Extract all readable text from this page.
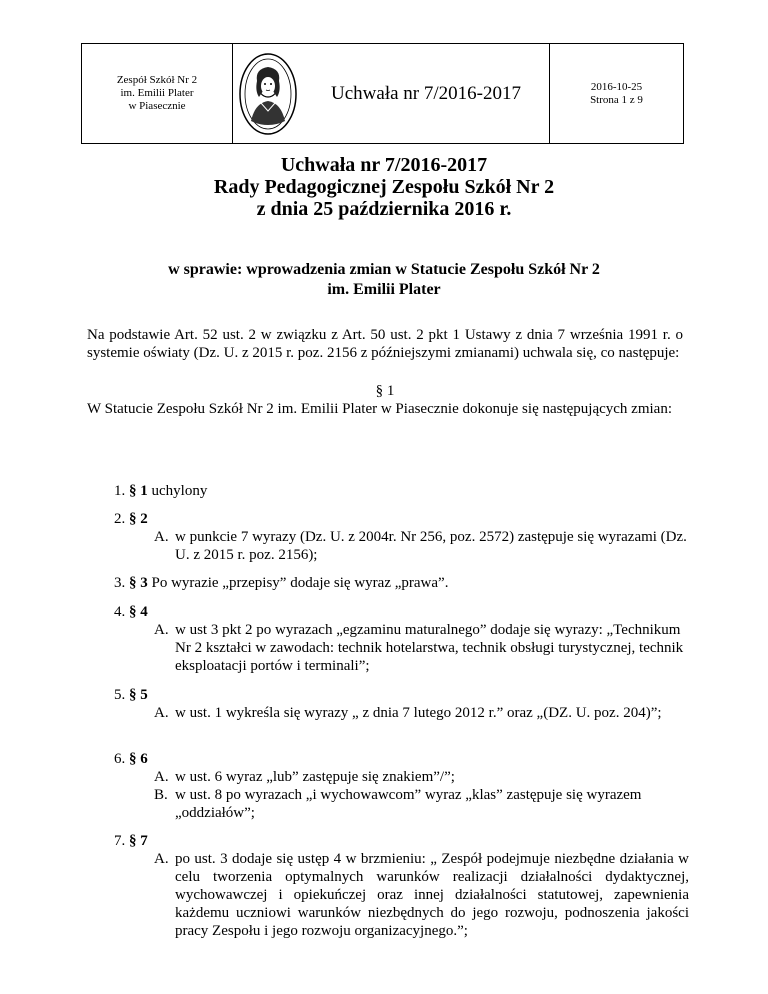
Zespół Szkół Nr 2
im. Emilii Plater
w Piasecznie
Uchwała nr 7/2016-2017	2016-10-25
Strona 1 z 9
Uchwała nr 7/2016-2017
Rady Pedagogicznej Zespołu Szkół Nr 2
z dnia 25 października 2016 r.
w sprawie: wprowadzenia zmian w Statucie Zespołu Szkół Nr 2
im. Emilii Plater
Na podstawie Art. 52 ust. 2 w związku z Art. 50 ust. 2 pkt 1 Ustawy z dnia 7 września 1991 r. o systemie oświaty (Dz. U. z 2015 r. poz. 2156 z późniejszymi zmianami) uchwala się, co następuje:
§ 1
W Statucie Zespołu Szkół Nr 2 im. Emilii Plater w Piasecznie dokonuje się następujących zmian:
1. § 1 uchylony
2. § 2
A. w punkcie 7 wyrazy (Dz. U. z 2004r. Nr 256, poz. 2572) zastępuje się wyrazami (Dz. U. z 2015 r. poz. 2156);
3. § 3 Po wyrazie „przepisy” dodaje się wyraz „prawa”.
4. § 4
A. w ust 3 pkt 2 po wyrazach „egzaminu maturalnego” dodaje się wyrazy: „Technikum Nr 2 kształci w zawodach: technik hotelarstwa, technik obsługi turystycznej, technik eksploatacji portów i terminali”;
5. § 5
A. w ust. 1 wykreśla się wyrazy „ z dnia 7 lutego 2012 r.” oraz „(DZ. U. poz. 204)”;
6. § 6
A. w ust. 6 wyraz „lub” zastępuje się znakiem”/”;
B. w ust. 8 po wyrazach „i wychowawcom” wyraz „klas” zastępuje się wyrazem „oddziałów”;
7. § 7
A. po ust. 3 dodaje się ustęp 4 w brzmieniu: „ Zespół podejmuje niezbędne działania w celu tworzenia optymalnych warunków realizacji działalności dydaktycznej, wychowawczej i opiekuńczej oraz innej działalności statutowej, zapewnienia każdemu uczniowi warunków niezbędnych do jego rozwoju, podnoszenia jakości pracy Zespołu i jego rozwoju organizacyjnego.”;
